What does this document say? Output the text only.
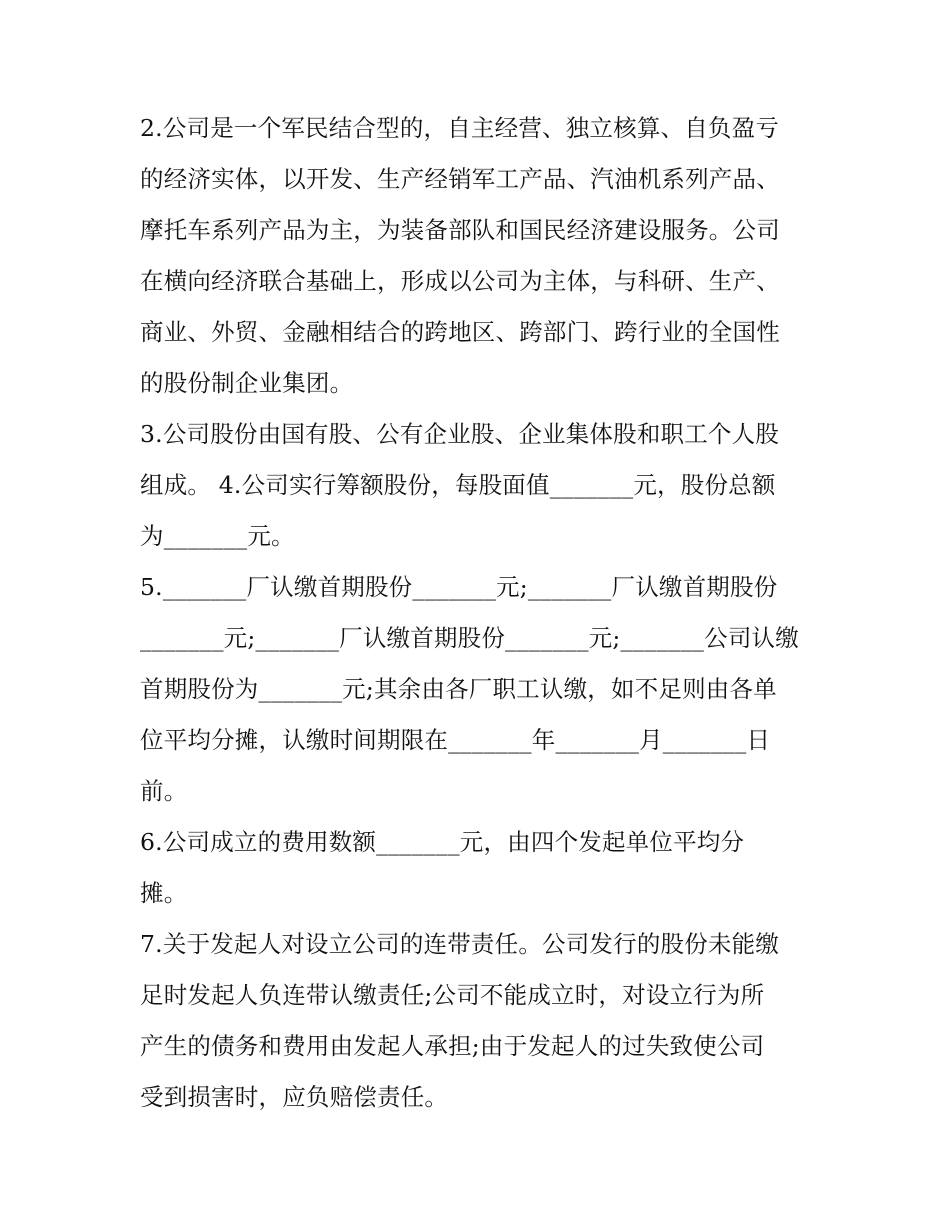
2.公司是一个军民结合型的，自主经营、独立核算、自负盈亏
的经济实体，以开发、生产经销军工产品、汽油机系列产品、
摩托车系列产品为主，为装备部队和国民经济建设服务。公司
在横向经济联合基础上，形成以公司为主体，与科研、生产、
商业、外贸、金融相结合的跨地区、跨部门、跨行业的全国性
的股份制企业集团。
3.公司股份由国有股、公有企业股、企业集体股和职工个人股
组成。 4.公司实行筹额股份，每股面值_______元，股份总额
为_______元。
5._______厂认缴首期股份_______元;_______厂认缴首期股份
_______元;_______厂认缴首期股份_______元;_______公司认缴
首期股份为_______元;其余由各厂职工认缴，如不足则由各单
位平均分摊，认缴时间期限在_______年_______月_______日
前。
6.公司成立的费用数额_______元，由四个发起单位平均分
摊。
7.关于发起人对设立公司的连带责任。公司发行的股份未能缴
足时发起人负连带认缴责任;公司不能成立时，对设立行为所
产生的债务和费用由发起人承担;由于发起人的过失致使公司
受到损害时，应负赔偿责任。
